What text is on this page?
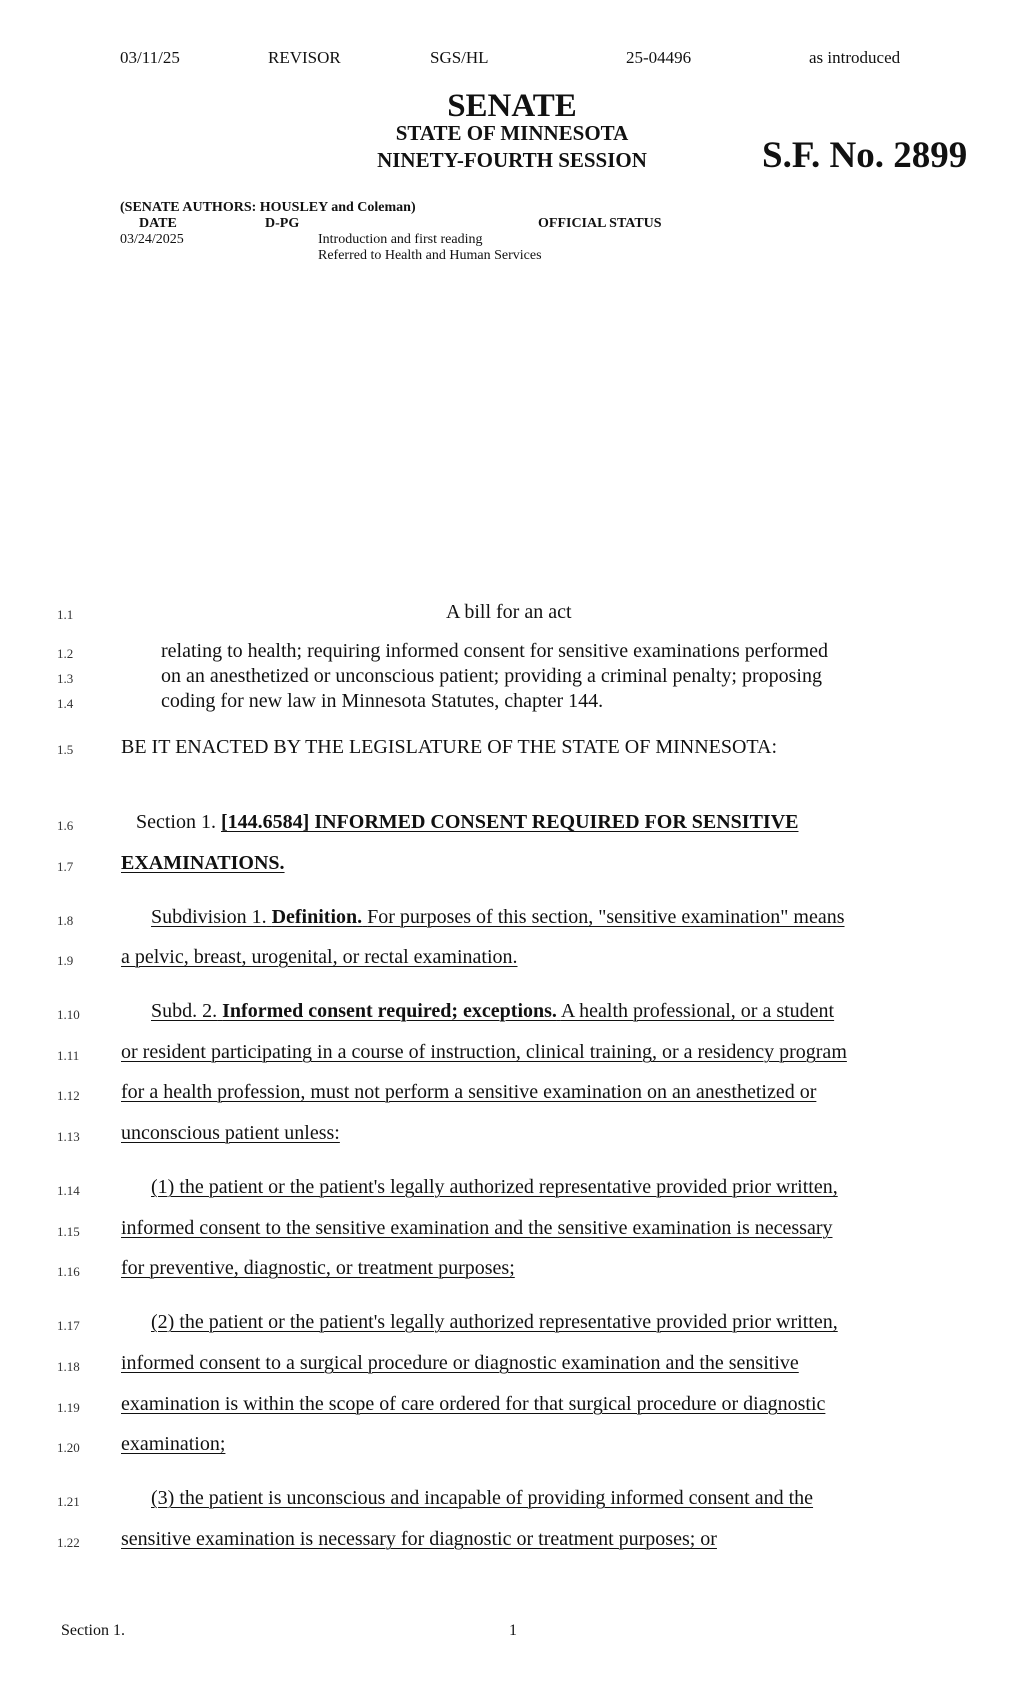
03/11/25	REVISOR	SGS/HL	25-04496	as introduced
SENATE
STATE OF MINNESOTA
NINETY-FOURTH SESSION	S.F. No. 2899
(SENATE AUTHORS: HOUSLEY and Coleman)
DATE	D-PG	OFFICIAL STATUS
03/24/2025	Introduction and first reading
Referred to Health and Human Services
1.1
1.2
1.3
1.4
1.5
1.6
1.7
1.8
1.9
1.10
1.11
1.12
1.13
1.14
1.15
1.16
1.17
1.18
1.19
1.20
1.21
1.22
A bill for an act
relating to health; requiring informed consent for sensitive examinations performed
on an anesthetized or unconscious patient; providing a criminal penalty; proposing
coding for new law in Minnesota Statutes, chapter 144.
BE IT ENACTED BY THE LEGISLATURE OF THE STATE OF MINNESOTA:
Section 1. [144.6584] INFORMED CONSENT REQUIRED FOR SENSITIVE
EXAMINATIONS.
Subdivision 1. Definition. For purposes of this section, "sensitive examination" means
a pelvic, breast, urogenital, or rectal examination.
Subd. 2. Informed consent required; exceptions. A health professional, or a student
or resident participating in a course of instruction, clinical training, or a residency program
for a health profession, must not perform a sensitive examination on an anesthetized or
unconscious patient unless:
(1) the patient or the patient's legally authorized representative provided prior written,
informed consent to the sensitive examination and the sensitive examination is necessary
for preventive, diagnostic, or treatment purposes;
(2) the patient or the patient's legally authorized representative provided prior written,
informed consent to a surgical procedure or diagnostic examination and the sensitive
examination is within the scope of care ordered for that surgical procedure or diagnostic
examination;
(3) the patient is unconscious and incapable of providing informed consent and the
sensitive examination is necessary for diagnostic or treatment purposes; or
Section 1.	1
